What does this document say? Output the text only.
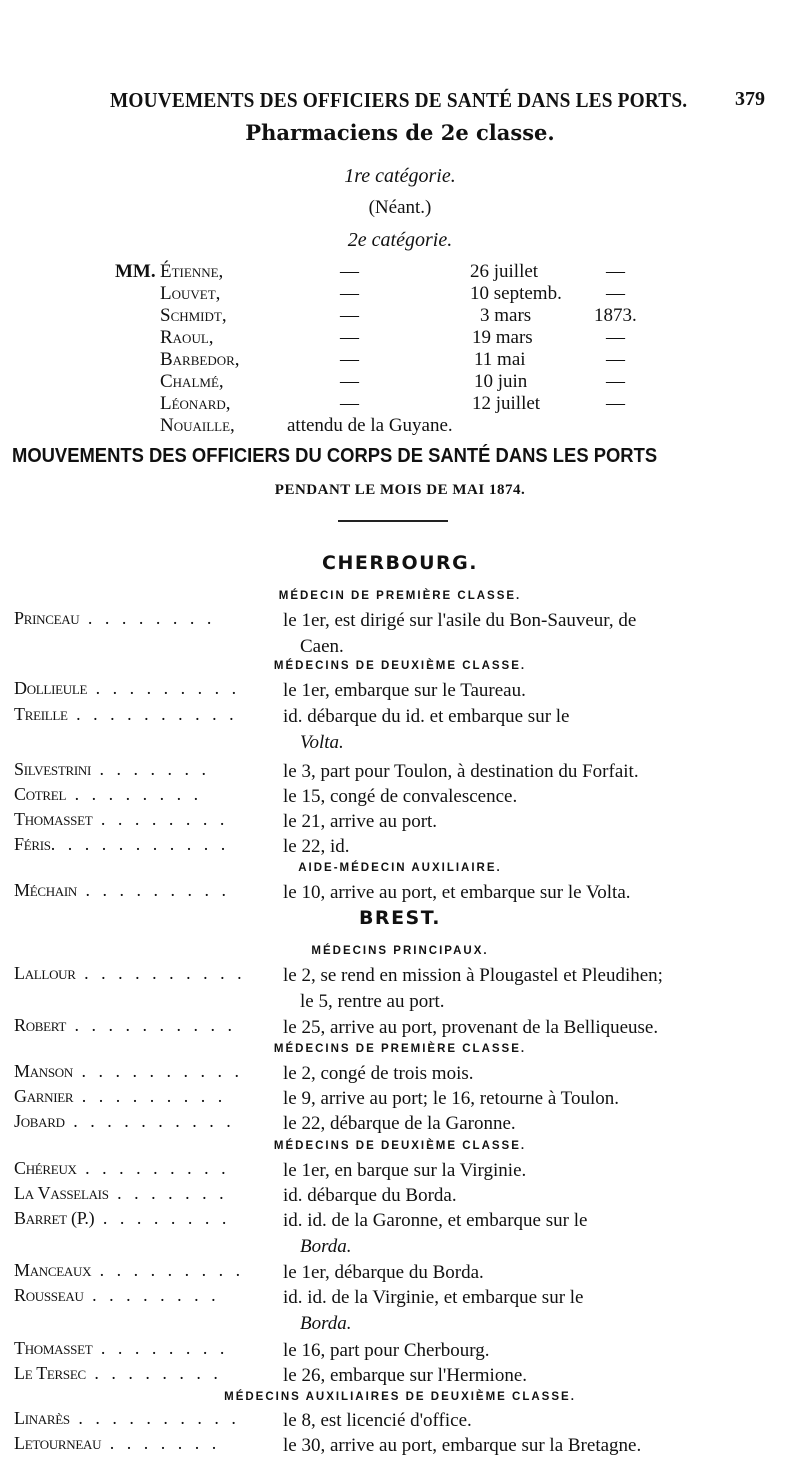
MOUVEMENTS DES OFFICIERS DE SANTÉ DANS LES PORTS. 379
Pharmaciens de 2e classe.
1re catégorie.
(Néant.)
2e catégorie.
MM. Étienne,	—	26 juillet	—
Louvet,	—	10 septemb. —
Schmidt,	—	3 mars	1873.
Raoul,	—	19 mars	—
Barbedor,	—	11 mai	—
Chalmé,	—	10 juin	—
Léonard,	—	12 juillet	—
Nouaille,	attendu de la Guyane.
MOUVEMENTS DES OFFICIERS DU CORPS DE SANTÉ DANS LES PORTS
PENDANT LE MOIS DE MAI 1874.
CHERBOURG.
MÉDECIN DE PREMIÈRE CLASSE.
Princeau . . . . . . . .	le 1er, est dirigé sur l'asile du Bon-Sauveur, de
Caen.
MÉDECINS DE DEUXIÈME CLASSE.
Dollieule . . . . . . . . . le 1er, embarque sur le Taureau.
Treille . . . . . . . . . . id. débarque du id. et embarque sur le
Volta.
Silvestrini . . . . . . .	le 3, part pour Toulon, à destination du Forfait.
Cotrel . . . . . . . .	le 15, congé de convalescence.
Thomasset . . . . . . . .	le 21, arrive au port.
Féris. . . . . . . . . . .	le 22, id.
AIDE-MÉDECIN AUXILIAIRE.
Méchain . . . . . . . . .	le 10, arrive au port, et embarque sur le Volta.
BREST.
MÉDECINS PRINCIPAUX.
Lallour . . . . . . . . . . le 2, se rend en mission à Plougastel et Pleudihen;
le 5, rentre au port.
Robert . . . . . . . . . . le 25, arrive au port, provenant de la Belliqueuse.
MÉDECINS DE PREMIÈRE CLASSE.
Manson . . . . . . . . . . le 2, congé de trois mois.
Garnier . . . . . . . . .	le 9, arrive au port; le 16, retourne à Toulon.
Jobard . . . . . . . . . .	le 22, débarque de la Garonne.
MÉDECINS DE DEUXIÈME CLASSE.
Chéreux . . . . . . . . .	le 1er, en barque sur la Virginie.
La Vasselais . . . . . . .	id. débarque du Borda.
Barret (P.) . . . . . . . .	id. id. de la Garonne, et embarque sur le
Borda.
Manceaux . . . . . . . . . le 1er, débarque du Borda.
Rousseau . . . . . . . .	id. id. de la Virginie, et embarque sur le
Borda.
Thomasset . . . . . . . .	le 16, part pour Cherbourg.
Le Tersec . . . . . . . .	le 26, embarque sur l'Hermione.
MÉDECINS AUXILIAIRES DE DEUXIÈME CLASSE.
Linarès . . . . . . . . . . le 8, est licencié d'office.
Letourneau . . . . . . .	le 30, arrive au port, embarque sur la Bretagne.
